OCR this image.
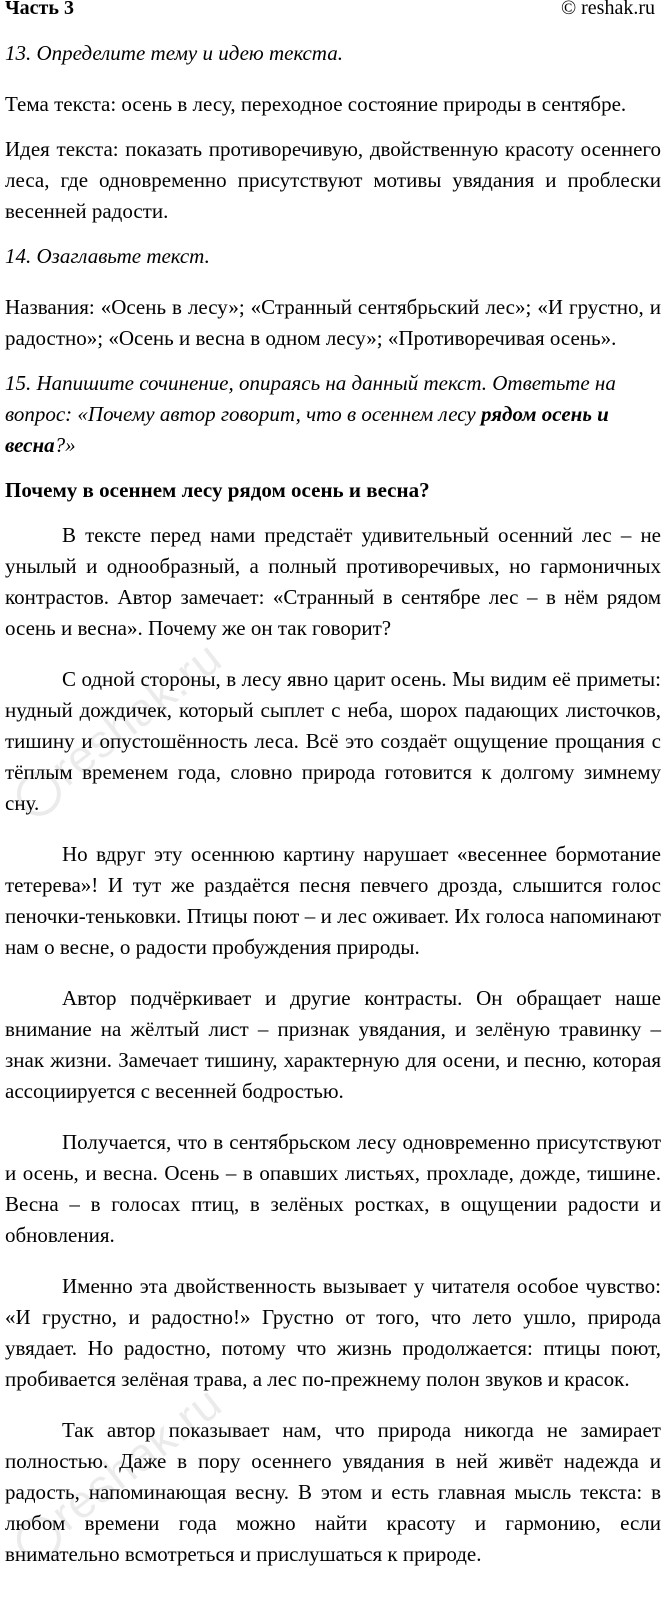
Часть 3	© reshak.ru

13. Определите тему и идею текста.

Тема текста: осень в лесу, переходное состояние природы в сентябре.

Идея текста: показать противоречивую, двойственную красоту осеннего леса, где одновременно присутствуют мотивы увядания и проблески весенней радости.

14. Озаглавьте текст.

Названия: «Осень в лесу»; «Странный сентябрьский лес»; «И грустно, и радостно»; «Осень и весна в одном лесу»; «Противоречивая осень».

15. Напишите сочинение, опираясь на данный текст. Ответьте на вопрос: «Почему автор говорит, что в осеннем лесу рядом осень и весна?»

Почему в осеннем лесу рядом осень и весна?

В тексте перед нами предстаёт удивительный осенний лес – не унылый и однообразный, а полный противоречивых, но гармоничных контрастов. Автор замечает: «Странный в сентябре лес – в нём рядом осень и весна». Почему же он так говорит?

С одной стороны, в лесу явно царит осень. Мы видим её приметы: нудный дождичек, который сыплет с неба, шорох падающих листочков, тишину и опустошённость леса. Всё это создаёт ощущение прощания с тёплым временем года, словно природа готовится к долгому зимнему сну.

Но вдруг эту осеннюю картину нарушает «весеннее бормотание тетерева»! И тут же раздаётся песня певчего дрозда, слышится голос пеночки-теньковки. Птицы поют – и лес оживает. Их голоса напоминают нам о весне, о радости пробуждения природы.

Автор подчёркивает и другие контрасты. Он обращает наше внимание на жёлтый лист – признак увядания, и зелёную травинку – знак жизни. Замечает тишину, характерную для осени, и песню, которая ассоциируется с весенней бодростью.

Получается, что в сентябрьском лесу одновременно присутствуют и осень, и весна. Осень – в опавших листьях, прохладе, дожде, тишине. Весна – в голосах птиц, в зелёных ростках, в ощущении радости и обновления.

Именно эта двойственность вызывает у читателя особое чувство: «И грустно, и радостно!» Грустно от того, что лето ушло, природа увядает. Но радостно, потому что жизнь продолжается: птицы поют, пробивается зелёная трава, а лес по-прежнему полон звуков и красок.

Так автор показывает нам, что природа никогда не замирает полностью. Даже в пору осеннего увядания в ней живёт надежда и радость, напоминающая весну. В этом и есть главная мысль текста: в любом времени года можно найти красоту и гармонию, если внимательно всмотреться и прислушаться к природе.

reshak.ru
reshak.ru
